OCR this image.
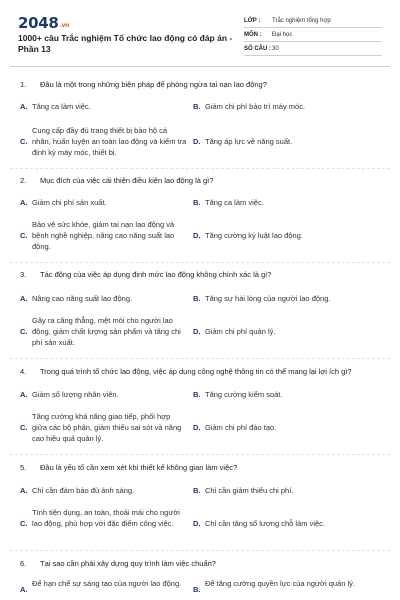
2048.vn
1000+ câu Trắc nghiệm Tổ chức lao động có đáp án - Phần 13
LỚP :	Trắc nghiệm tổng hợp
MÔN :	Đại học
SỐ CÂU : 30
1.	Đâu là một trong những biện pháp để phòng ngừa tai nạn lao động?
A. Tăng ca làm việc.	B. Giảm chi phí bảo trì máy móc.
C.
Cung cấp đầy đủ trang thiết bị bảo hộ cá nhân, huấn luyện an toàn lao động và kiểm tra định kỳ máy móc, thiết bị.
D. Tăng áp lực về năng suất.
2.	Mục đích của việc cải thiện điều kiện lao động là gì?
A. Giảm chi phí sản xuất.	B. Tăng ca làm việc.
C.
Bảo vệ sức khỏe, giảm tai nạn lao động và bệnh nghề nghiệp, nâng cao năng suất lao động.
D. Tăng cường kỷ luật lao động.
3.	Tác động của việc áp dụng định mức lao động không chính xác là gì?
A. Nâng cao năng suất lao động.	B. Tăng sự hài lòng của người lao động.
C.
Gây ra căng thẳng, mệt mỏi cho người lao động, giảm chất lượng sản phẩm và tăng chi phí sản xuất.
D. Giảm chi phí quản lý.
4.	Trong quá trình tổ chức lao động, việc áp dụng công nghệ thông tin có thể mang lại lợi ích gì?
A. Giảm số lượng nhân viên.	B. Tăng cường kiểm soát.
C.
Tăng cường khả năng giao tiếp, phối hợp giữa các bộ phận, giảm thiểu sai sót và nâng cao hiệu quả quản lý.
D. Giảm chi phí đào tạo.
5.	Đâu là yếu tố cần xem xét khi thiết kế không gian làm việc?
A. Chỉ cần đảm bảo đủ ánh sáng.	B. Chỉ cần giảm thiểu chi phí.
C.
Tính tiện dụng, an toàn, thoải mái cho người lao động, phù hợp với đặc điểm công việc.	D. Chỉ cần tăng số lượng chỗ làm việc.
6.	Tại sao cần phải xây dựng quy trình làm việc chuẩn?
A.
Để hạn chế sự sáng tạo của người lao động.
B.
Để tăng cường quyền lực của người quản lý.
